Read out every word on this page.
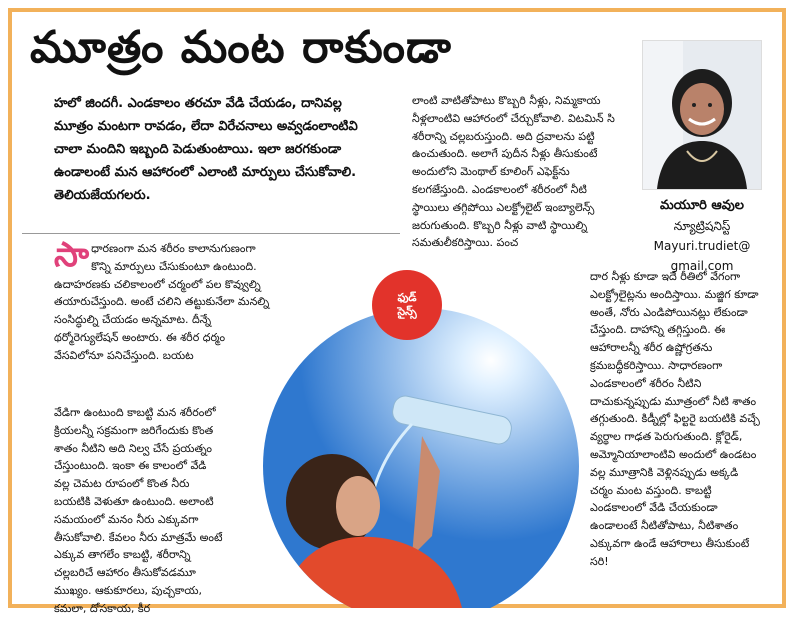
మూత్రం మంట రాకుండా
మయూరి ఆవుల
న్యూట్రిషనిస్ట్
Mayuri.trudiet@
gmail.com

హలో జిందగీ. ఎండకాలం తరచూ వేడి చేయడం, దానివల్ల మూత్రం మంటగా రావడం, లేదా విరేచనాలు అవ్వడంలాంటివి చాలా మందిని ఇబ్బంది పెడుతుంటాయి. ఇలా జరగకుండా ఉండాలంటే మన ఆహారంలో ఎలాంటి మార్పులు చేసుకోవాలి. తెలియజేయగలరు.

సాధారణంగా మన శరీరం కాలానుగుణంగా కొన్ని మార్పులు చేసుకుంటూ ఉంటుంది. ఉదాహరణకు చలికాలంలో చర్మంలో పల కొవ్వుల్ని తయారుచేస్తుంది. అంటే చలిని తట్టుకునేలా మనల్ని సంసిద్ధుల్ని చేయడం అన్నమాట. దీన్నే థర్మోరెగ్యులేషన్ అంటారు. ఈ శరీర ధర్మం వేసవిలోనూ పనిచేస్తుంది. బయట

వేడిగా ఉంటుంది కాబట్టి మన శరీరంలో క్రియలన్నీ సక్రమంగా జరిగేందుకు కొంత శాతం నీటిని అది నిల్వ చేసే ప్రయత్నం చేస్తుంటుంది. ఇంకా ఈ కాలంలో వేడి వల్ల చెమట రూపంలో కొంత నీరు బయటికి వెళుతూ ఉంటుంది. అలాంటి సమయంలో మనం నీరు ఎక్కువగా తీసుకోవాలి. కేవలం నీరు మాత్రమే అంటే ఎక్కువ తాగలేం కాబట్టి, శరీరాన్ని చల్లబరిచే ఆహారం తీసుకోవడమూ ముఖ్యం. ఆకుకూరలు, పుచ్చకాయ, కమలా, దోసకాయ, కీర

లాంటి వాటితోపాటు కొబ్బరి నీళ్లు, నిమ్మకాయ నీళ్లలాంటివి ఆహారంలో చేర్చుకోవాలి. విటమిన్ సి శరీరాన్ని చల్లబరుస్తుంది. అది ద్రవాలను పట్టి ఉంచుతుంది. అలాగే పుదీన నీళ్లు తీసుకుంటే అందులోని మెంథాల్ కూలింగ్ ఎఫెక్ట్‌ను కలగజేస్తుంది. ఎండకాలంలో శరీరంలో నీటి స్థాయిలు తగ్గిపోయి ఎలక్ట్రోలైట్ ఇంబ్యాలెన్స్ జరుగుతుంది. కొబ్బరి నీళ్లు వాటి స్థాయిల్ని సమతులీకరిస్తాయి. పంచ

దార నీళ్లు కూడా ఇదే రీతిలో వేగంగా ఎలక్ట్రోలైట్లను అందిస్తాయి. మజ్జిగ కూడా అంతే, నోరు ఎండిపోయినట్లు లేకుండా చేస్తుంది. దాహాన్ని తగ్గిస్తుంది. ఈ ఆహారాలన్నీ శరీర ఉష్ణోగ్రతను క్రమబద్ధీకరిస్తాయి. సాధారణంగా ఎండకాలంలో శరీరం నీటిని దాచుకున్నప్పుడు మూత్రంలో నీటి శాతం తగ్గుతుంది. కిడ్నీల్లో ఫిల్టరై బయటికి వచ్చే వ్యర్థాల గాఢత పెరుగుతుంది. క్లోరైడ్, అమ్మోనియాలాంటివి అందులో ఉండటం వల్ల మూత్రానికి వెళ్లినప్పుడు అక్కడి చర్మం మంట వస్తుంది. కాబట్టి ఎండకాలంలో వేడి చేయకుండా ఉండాలంటే నీటితోపాటు, నీటిశాతం ఎక్కువగా ఉండే ఆహారాలు తీసుకుంటే సరి!

ఫుడ్
సైన్స్
